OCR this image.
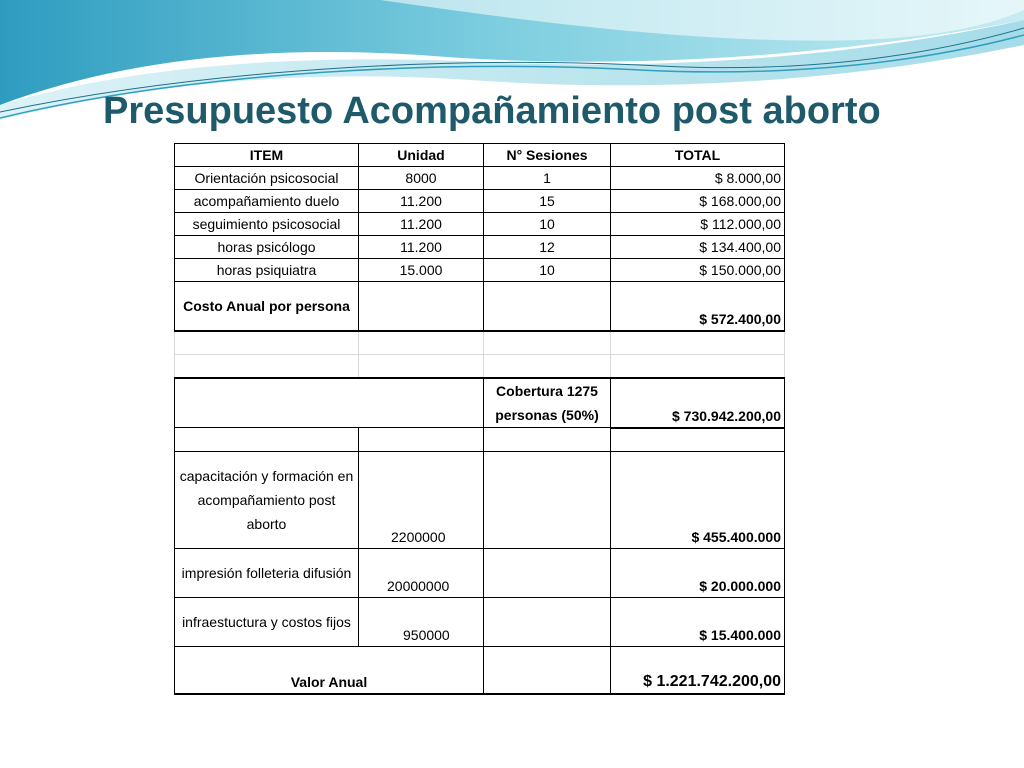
Presupuesto Acompañamiento post aborto
ITEM	Unidad	N° Sesiones	TOTAL
Orientación psicosocial	8000	1	$ 8.000,00
acompañamiento duelo	11.200	15	$ 168.000,00
seguimiento psicosocial	11.200	10	$ 112.000,00
horas psicólogo	11.200	12	$ 134.400,00
horas psiquiatra	15.000	10	$ 150.000,00
Costo Anual por persona			$ 572.400,00

		Cobertura 1275 personas (50%)	$ 730.942.200,00

capacitación y formación en acompañamiento post aborto	2200000		$ 455.400.000
impresión folleteria difusión	20000000		$ 20.000.000
infraestuctura y costos fijos	950000		$ 15.400.000
Valor Anual			$ 1.221.742.200,00
